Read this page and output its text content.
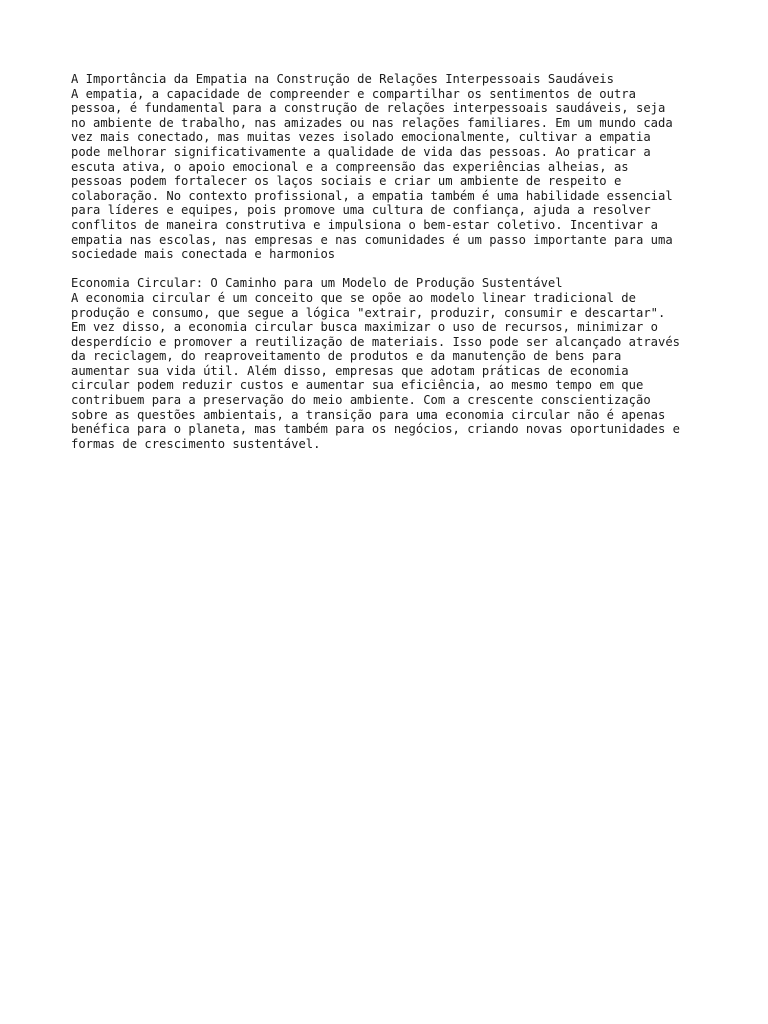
A Importância da Empatia na Construção de Relações Interpessoais Saudáveis
A empatia, a capacidade de compreender e compartilhar os sentimentos de outra
pessoa, é fundamental para a construção de relações interpessoais saudáveis, seja
no ambiente de trabalho, nas amizades ou nas relações familiares. Em um mundo cada
vez mais conectado, mas muitas vezes isolado emocionalmente, cultivar a empatia
pode melhorar significativamente a qualidade de vida das pessoas. Ao praticar a
escuta ativa, o apoio emocional e a compreensão das experiências alheias, as
pessoas podem fortalecer os laços sociais e criar um ambiente de respeito e
colaboração. No contexto profissional, a empatia também é uma habilidade essencial
para líderes e equipes, pois promove uma cultura de confiança, ajuda a resolver
conflitos de maneira construtiva e impulsiona o bem-estar coletivo. Incentivar a
empatia nas escolas, nas empresas e nas comunidades é um passo importante para uma
sociedade mais conectada e harmonios
Economia Circular: O Caminho para um Modelo de Produção Sustentável
A economia circular é um conceito que se opõe ao modelo linear tradicional de
produção e consumo, que segue a lógica "extrair, produzir, consumir e descartar".
Em vez disso, a economia circular busca maximizar o uso de recursos, minimizar o
desperdício e promover a reutilização de materiais. Isso pode ser alcançado através
da reciclagem, do reaproveitamento de produtos e da manutenção de bens para
aumentar sua vida útil. Além disso, empresas que adotam práticas de economia
circular podem reduzir custos e aumentar sua eficiência, ao mesmo tempo em que
contribuem para a preservação do meio ambiente. Com a crescente conscientização
sobre as questões ambientais, a transição para uma economia circular não é apenas
benéfica para o planeta, mas também para os negócios, criando novas oportunidades e
formas de crescimento sustentável.
